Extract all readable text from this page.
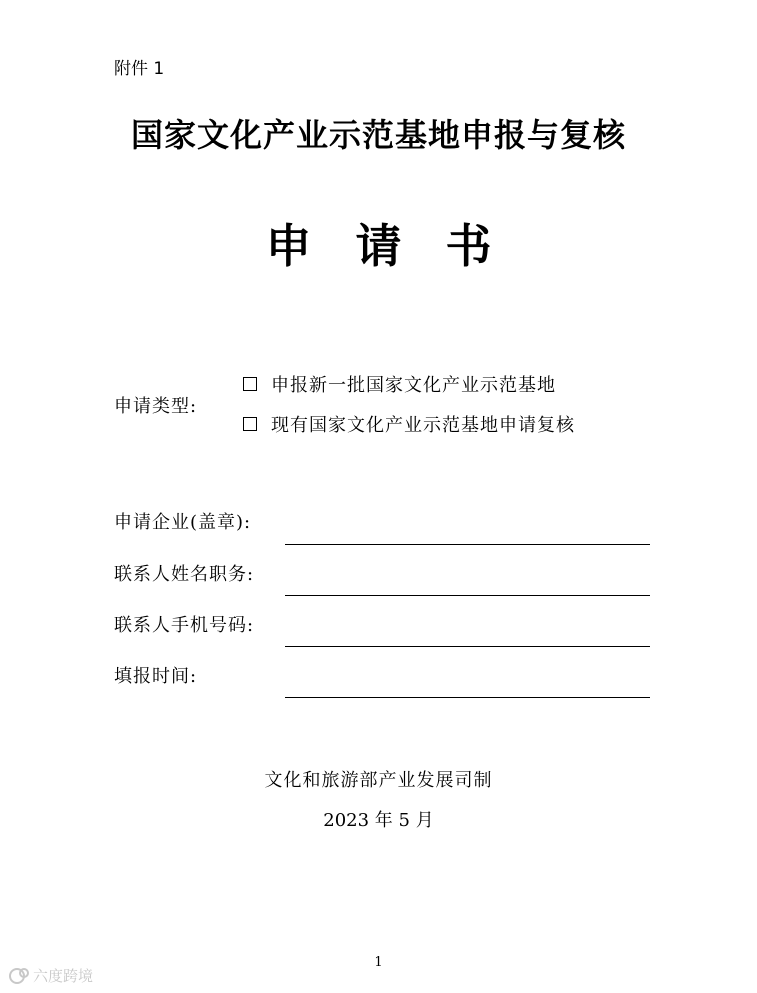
附件 1
国家文化产业示范基地申报与复核
申请书
申请类型:
申报新一批国家文化产业示范基地
现有国家文化产业示范基地申请复核
申请企业(盖章):
联系人姓名职务:
联系人手机号码:
填报时间:
文化和旅游部产业发展司制
2023 年 5 月
1
六度跨境
